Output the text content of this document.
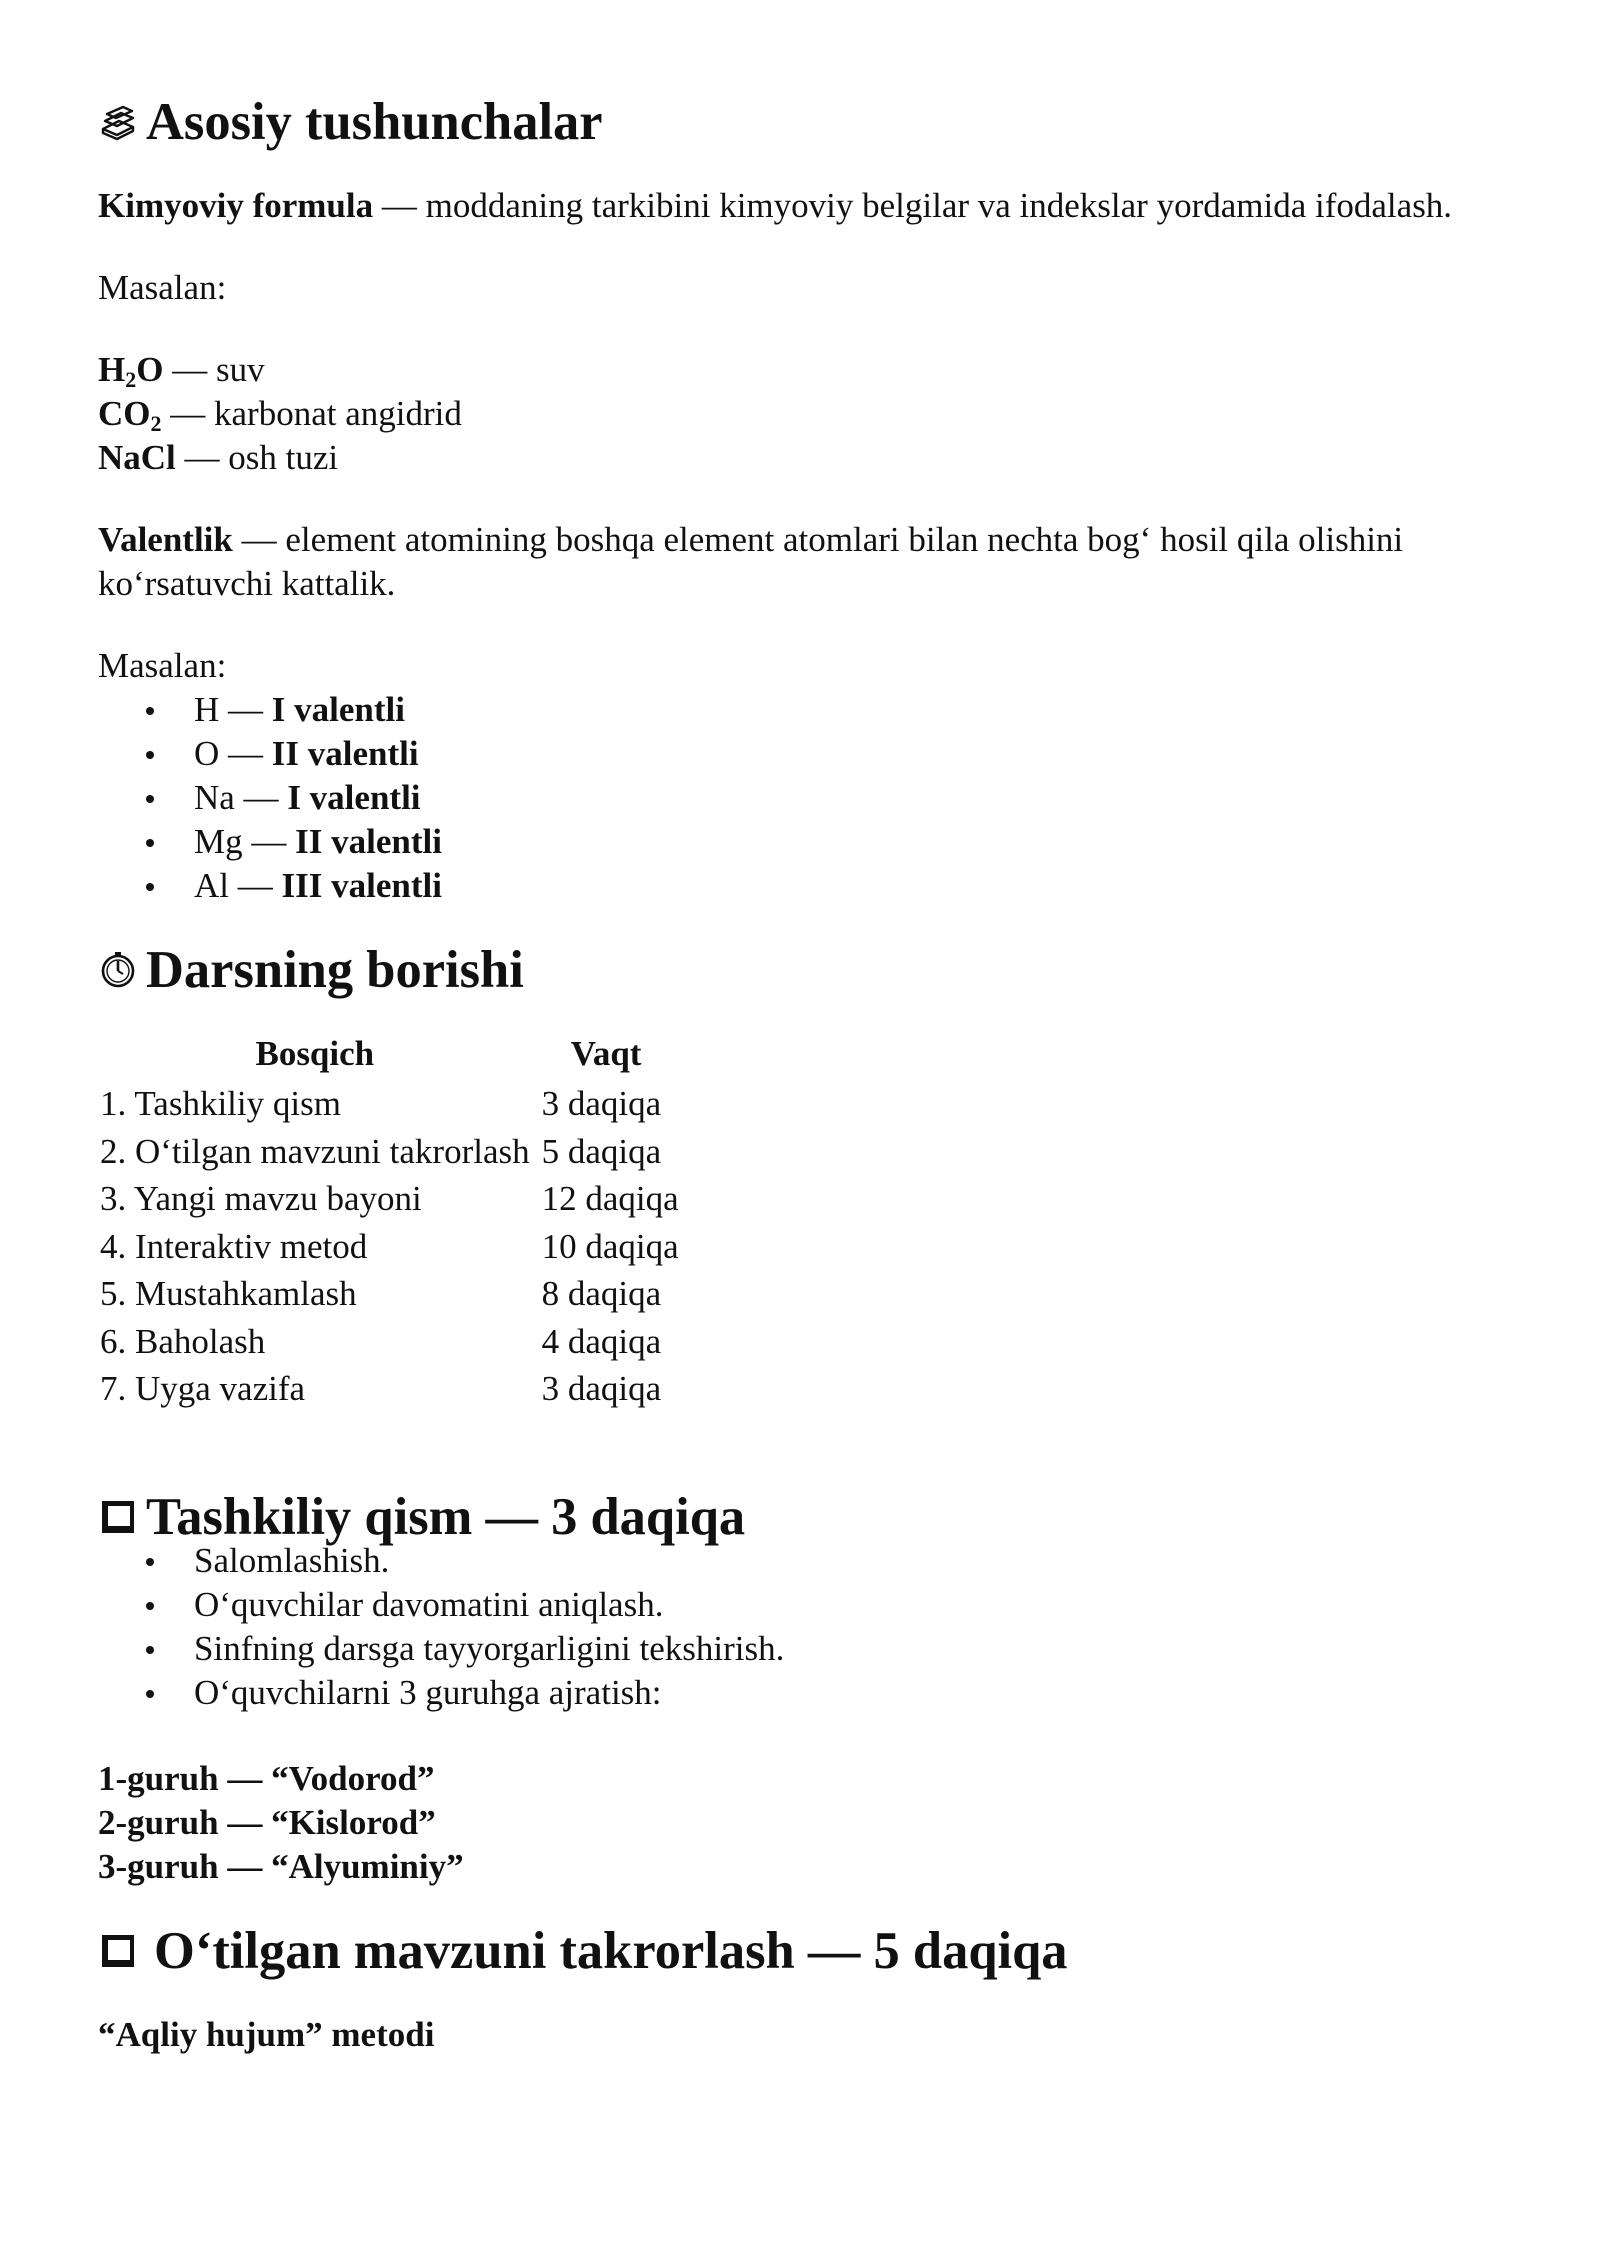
Asosiy tushunchalar

Kimyoviy formula — moddaning tarkibini kimyoviy belgilar va indekslar yordamida ifodalash.

Masalan:

$H_2O$ — suv
$CO_2$ — karbonat angidrid
NaCl — osh tuzi

Valentlik — element atomining boshqa element atomlari bilan nechta bog‘ hosil qila olishini ko‘rsatuvchi kattalik.

Masalan:

H — I valentli
O — II valentli
Na — I valentli
Mg — II valentli
Al — III valentli
Darsning borishi
Bosqich	Vaqt
1. Tashkiliy qism	3 daqiqa
2. O‘tilgan mavzuni takrorlash	5 daqiqa
3. Yangi mavzu bayoni	12 daqiqa
4. Interaktiv metod	10 daqiqa
5. Mustahkamlash	8 daqiqa
6. Baholash	4 daqiqa
7. Uyga vazifa	3 daqiqa
Tashkiliy qism — 3 daqiqa
Salomlashish.
O‘quvchilar davomatini aniqlash.
Sinfning darsga tayyorgarligini tekshirish.
O‘quvchilarni 3 guruhga ajratish:
1-guruh — “Vodorod”
2-guruh — “Kislorod”
3-guruh — “Alyuminiy”
O‘tilgan mavzuni takrorlash — 5 daqiqa

“Aqliy hujum” metodi
